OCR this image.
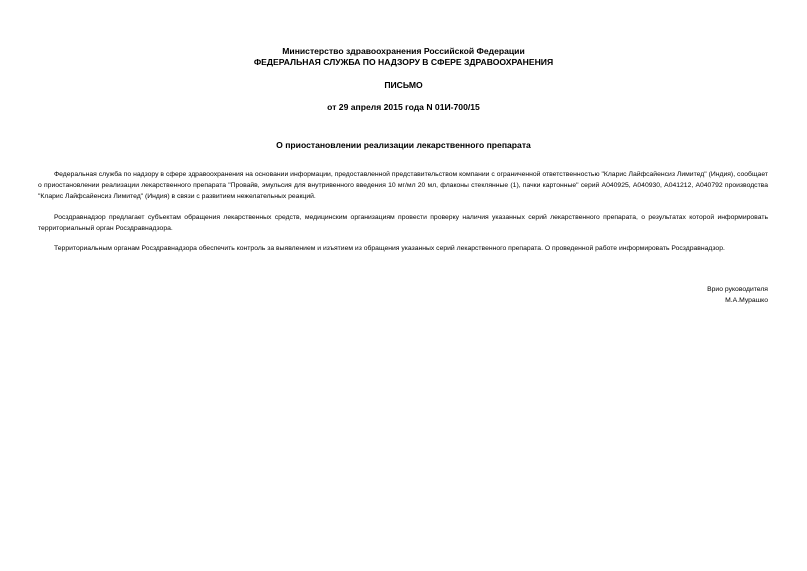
Министерство здравоохранения Российской Федерации
ФЕДЕРАЛЬНАЯ СЛУЖБА ПО НАДЗОРУ В СФЕРЕ ЗДРАВООХРАНЕНИЯ
ПИСЬМО
от 29 апреля 2015 года N 01И-700/15
О приостановлении реализации лекарственного препарата

Федеральная служба по надзору в сфере здравоохранения на основании информации, предоставленной представительством компании с ограниченной ответственностью "Кларис Лайфсайенсиз Лимитед" (Индия), сообщает о приостановлении реализации лекарственного препарата "Провайв, эмульсия для внутривенного введения 10 мг/мл 20 мл, флаконы стеклянные (1), пачки картонные" серий А040925, А040930, А041212, А040792 производства "Кларис Лайфсайенсиз Лимитед" (Индия) в связи с развитием нежелательных реакций.

Росздравнадзор предлагает субъектам обращения лекарственных средств, медицинским организациям провести проверку наличия указанных серий лекарственного препарата, о результатах которой информировать территориальный орган Росздравнадзора.

Территориальным органам Росздравнадзора обеспечить контроль за выявлением и изъятием из обращения указанных серий лекарственного препарата. О проведенной работе информировать Росздравнадзор.

Врио руководителя
М.А.Мурашко
